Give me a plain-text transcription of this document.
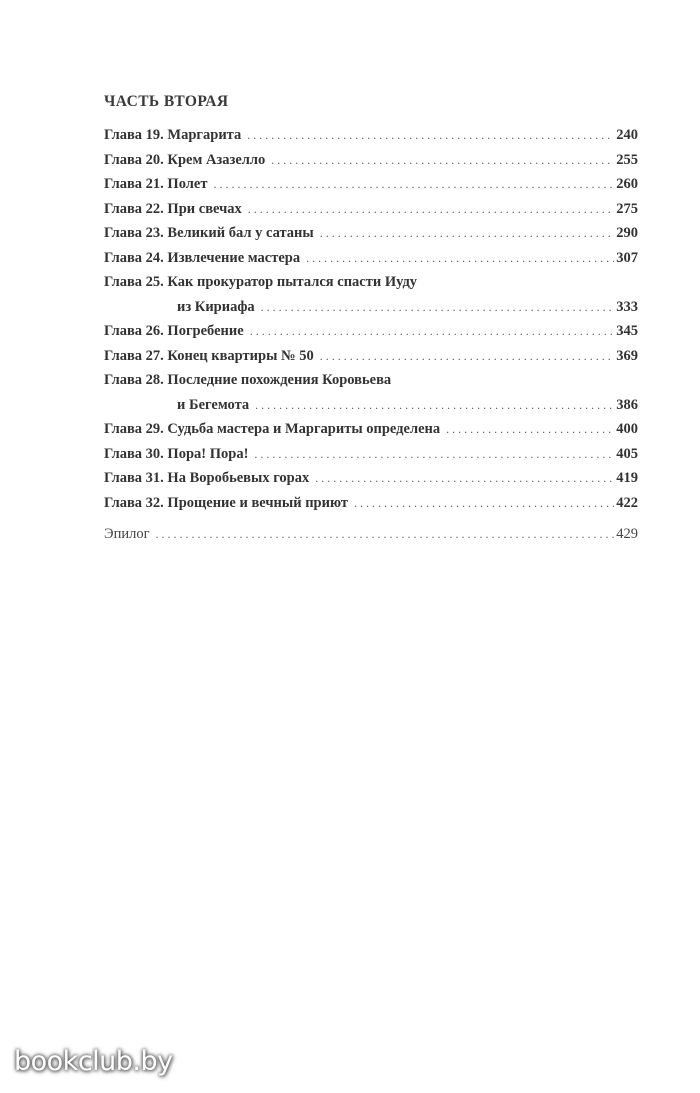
ЧАСТЬ ВТОРАЯ
Глава 19. Маргарита . . .	240
Глава 20. Крем Азазелло . . .	255
Глава 21. Полет . . .	260
Глава 22. При свечах . . .	275
Глава 23. Великий бал у сатаны . . .	290
Глава 24. Извлечение мастера . . .	307
Глава 25. Как прокуратор пытался спасти Иуду
из Кириафа . . .	333
Глава 26. Погребение . . .	345
Глава 27. Конец квартиры № 50 . . .	369
Глава 28. Последние похождения Коровьева
и Бегемота . . .	386
Глава 29. Судьба мастера и Маргариты определена . . .	400
Глава 30. Пора! Пора! . . .	405
Глава 31. На Воробьевых горах . . .	419
Глава 32. Прощение и вечный приют . . .	422
Эпилог . . .	429
bookclub.by
